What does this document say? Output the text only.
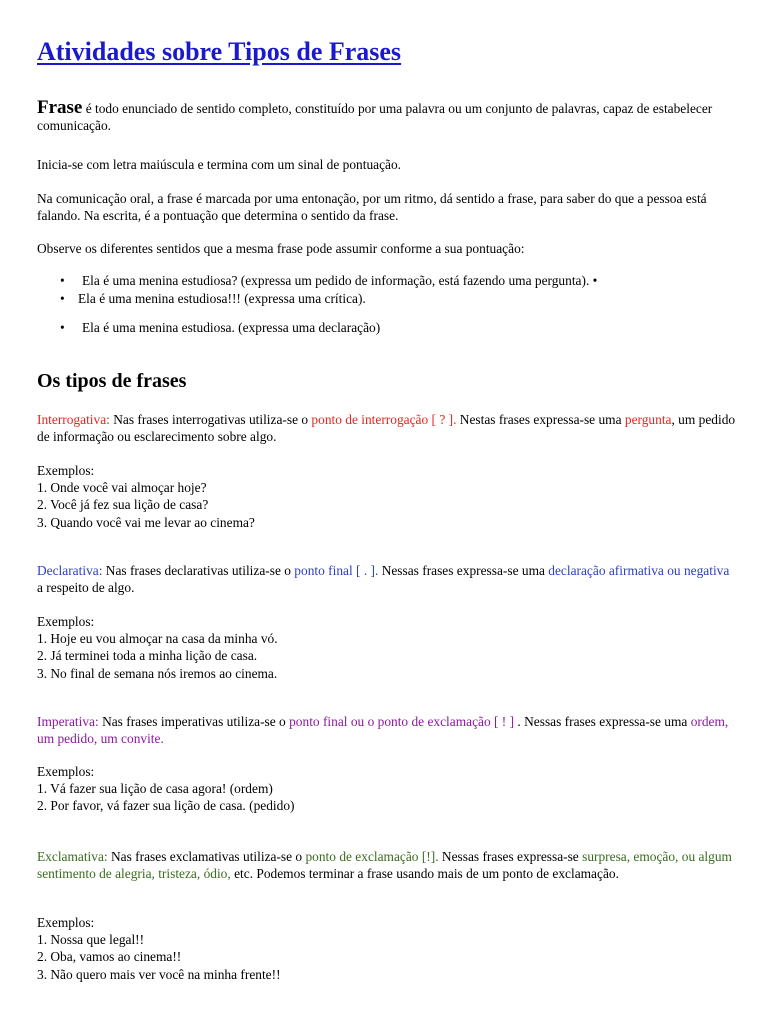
Atividades sobre Tipos de Frases

Frase é todo enunciado de sentido completo, constituído por uma palavra ou um conjunto de palavras, capaz de estabelecer comunicação.

Inicia-se com letra maiúscula e termina com um sinal de pontuação.

Na comunicação oral, a frase é marcada por uma entonação, por um ritmo, dá sentido a frase, para saber do que a pessoa está falando. Na escrita, é a pontuação que determina o sentido da frase.

Observe os diferentes sentidos que a mesma frase pode assumir conforme a sua pontuação:

• Ela é uma menina estudiosa? (expressa um pedido de informação, está fazendo uma pergunta). •
• Ela é uma menina estudiosa!!! (expressa uma crítica).
• Ela é uma menina estudiosa. (expressa uma declaração)
Os tipos de frases

Interrogativa: Nas frases interrogativas utiliza-se o ponto de interrogação [ ? ]. Nestas frases expressa-se uma pergunta, um pedido de informação ou esclarecimento sobre algo.

Exemplos:

1. Onde você vai almoçar hoje?

2. Você já fez sua lição de casa?

3. Quando você vai me levar ao cinema?

Declarativa: Nas frases declarativas utiliza-se o ponto final [ . ]. Nessas frases expressa-se uma declaração afirmativa ou negativa a respeito de algo.

Exemplos:

1. Hoje eu vou almoçar na casa da minha vó.

2. Já terminei toda a minha lição de casa.

3. No final de semana nós iremos ao cinema.

Imperativa: Nas frases imperativas utiliza-se o ponto final ou o ponto de exclamação [ ! ] . Nessas frases expressa-se uma ordem, um pedido, um convite.

Exemplos:

1. Vá fazer sua lição de casa agora! (ordem)

2. Por favor, vá fazer sua lição de casa. (pedido)

Exclamativa: Nas frases exclamativas utiliza-se o ponto de exclamação [!]. Nessas frases expressa-se surpresa, emoção, ou algum sentimento de alegria, tristeza, ódio, etc. Podemos terminar a frase usando mais de um ponto de exclamação.

Exemplos:

1. Nossa que legal!!

2. Oba, vamos ao cinema!!

3. Não quero mais ver você na minha frente!!
